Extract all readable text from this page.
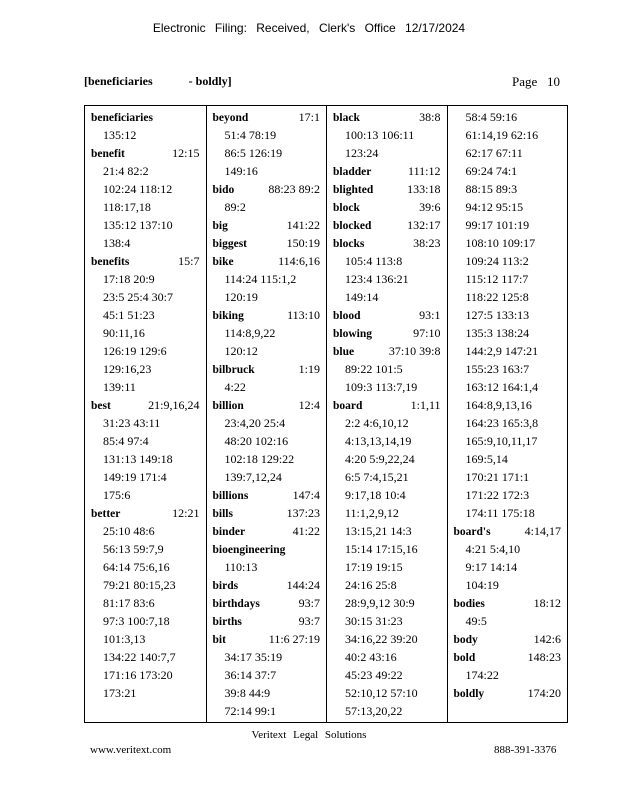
Electronic Filing: Received, Clerk's Office 12/17/2024
[beneficiaries            - boldly]	Page 10
beneficiaries
135:12
benefit	12:15
21:4 82:2
102:24 118:12
118:17,18
135:12 137:10
138:4
benefits	15:7
17:18 20:9
23:5 25:4 30:7
45:1 51:23
90:11,16
126:19 129:6
129:16,23
139:11
best	21:9,16,24
31:23 43:11
85:4 97:4
131:13 149:18
149:19 171:4
175:6
better	12:21
25:10 48:6
56:13 59:7,9
64:14 75:6,16
79:21 80:15,23
81:17 83:6
97:3 100:7,18
101:3,13
134:22 140:7,7
171:16 173:20
173:21
beyond	17:1
51:4 78:19
86:5 126:19
149:16
bido	88:23 89:2
89:2
big	141:22
biggest	150:19
bike	114:6,16
114:24 115:1,2
120:19
biking	113:10
114:8,9,22
120:12
bilbruck	1:19
4:22
billion	12:4
23:4,20 25:4
48:20 102:16
102:18 129:22
139:7,12,24
billions	147:4
bills	137:23
binder	41:22
bioengineering
110:13
birds	144:24
birthdays	93:7
births	93:7
bit	11:6 27:19
34:17 35:19
36:14 37:7
39:8 44:9
72:14 99:1
black	38:8
100:13 106:11
123:24
bladder	111:12
blighted	133:18
block	39:6
blocked	132:17
blocks	38:23
105:4 113:8
123:4 136:21
149:14
blood	93:1
blowing	97:10
blue	37:10 39:8
89:22 101:5
109:3 113:7,19
board	1:1,11
2:2 4:6,10,12
4:13,13,14,19
4:20 5:9,22,24
6:5 7:4,15,21
9:17,18 10:4
11:1,2,9,12
13:15,21 14:3
15:14 17:15,16
17:19 19:15
24:16 25:8
28:9,9,12 30:9
30:15 31:23
34:16,22 39:20
40:2 43:16
45:23 49:22
52:10,12 57:10
57:13,20,22
58:4 59:16
61:14,19 62:16
62:17 67:11
69:24 74:1
88:15 89:3
94:12 95:15
99:17 101:19
108:10 109:17
109:24 113:2
115:12 117:7
118:22 125:8
127:5 133:13
135:3 138:24
144:2,9 147:21
155:23 163:7
163:12 164:1,4
164:8,9,13,16
164:23 165:3,8
165:9,10,11,17
169:5,14
170:21 171:1
171:22 172:3
174:11 175:18
board's	4:14,17
4:21 5:4,10
9:17 14:14
104:19
bodies	18:12
49:5
body	142:6
bold	148:23
174:22
boldly	174:20
Veritext Legal Solutions
www.veritext.com	888-391-3376
